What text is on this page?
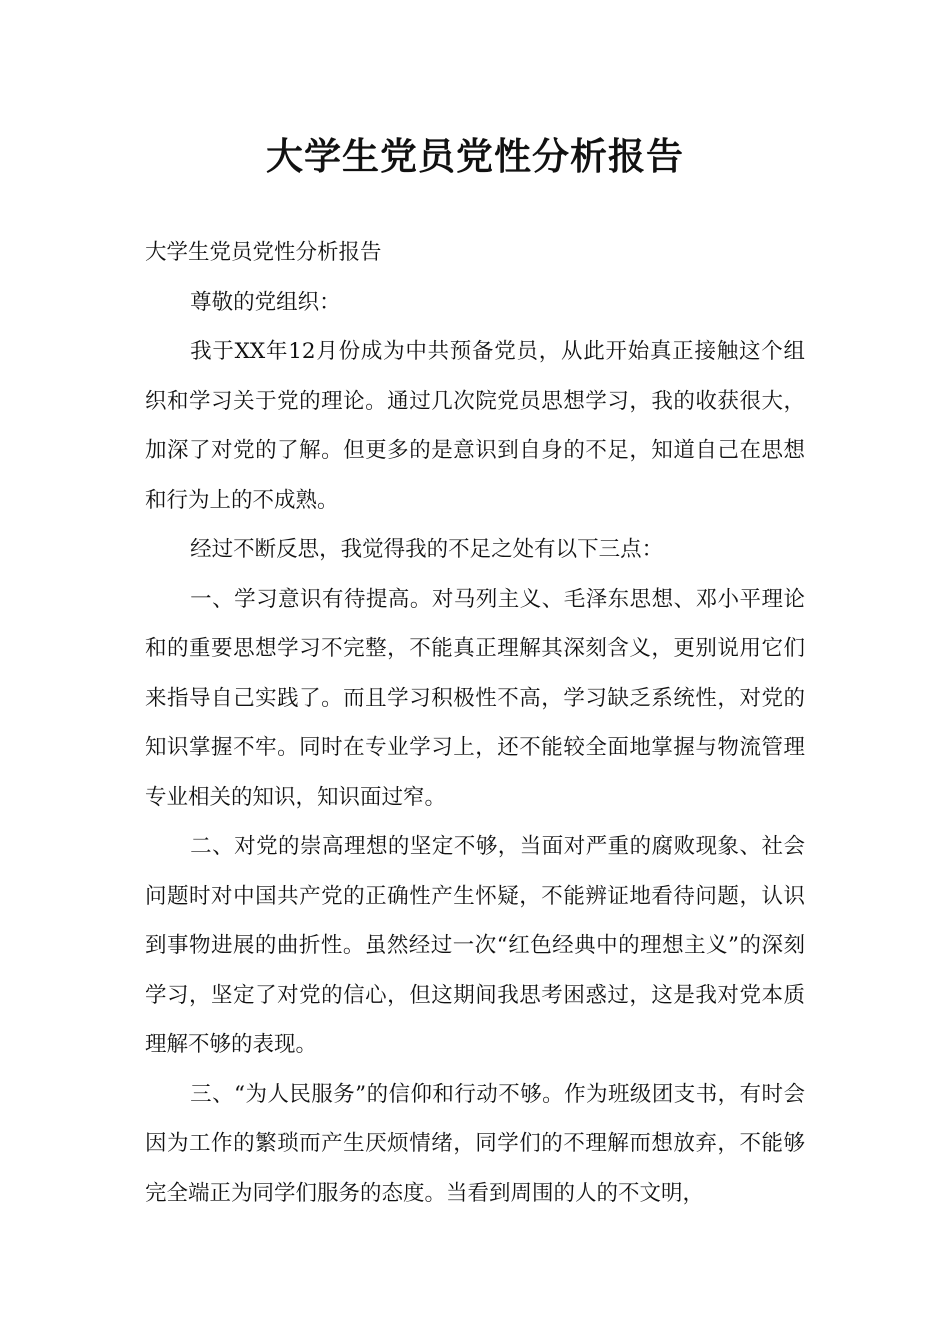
大学生党员党性分析报告

大学生党员党性分析报告

尊敬的党组织：

我于XX年12月份成为中共预备党员，从此开始真正接触这个组织和学习关于党的理论。通过几次院党员思想学习，我的收获很大，加深了对党的了解。但更多的是意识到自身的不足，知道自己在思想和行为上的不成熟。

经过不断反思，我觉得我的不足之处有以下三点：

一、学习意识有待提高。对马列主义、毛泽东思想、邓小平理论和的重要思想学习不完整，不能真正理解其深刻含义，更别说用它们来指导自己实践了。而且学习积极性不高，学习缺乏系统性，对党的知识掌握不牢。同时在专业学习上，还不能较全面地掌握与物流管理专业相关的知识，知识面过窄。

二、对党的崇高理想的坚定不够，当面对严重的腐败现象、社会问题时对中国共产党的正确性产生怀疑，不能辨证地看待问题，认识到事物进展的曲折性。虽然经过一次“红色经典中的理想主义”的深刻学习，坚定了对党的信心，但这期间我思考困惑过，这是我对党本质理解不够的表现。

三、“为人民服务”的信仰和行动不够。作为班级团支书，有时会因为工作的繁琐而产生厌烦情绪，同学们的不理解而想放弃，不能够完全端正为同学们服务的态度。当看到周围的人的不文明，
